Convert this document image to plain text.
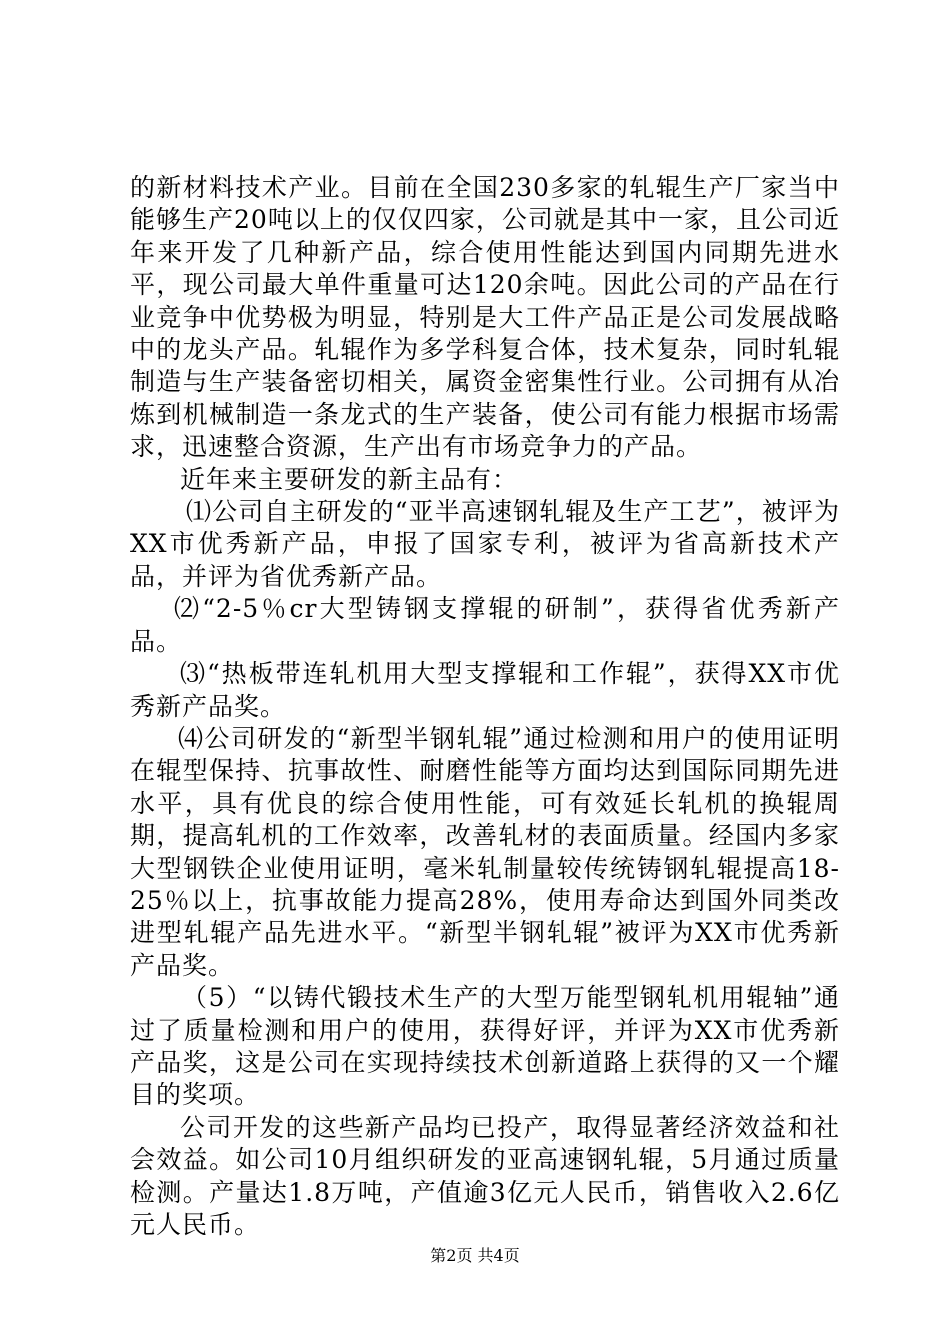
的新材料技术产业。目前在全国230多家的轧辊生产厂家当中能够生产20吨以上的仅仅四家，公司就是其中一家，且公司近年来开发了几种新产品，综合使用性能达到国内同期先进水平，现公司最大单件重量可达120余吨。因此公司的产品在行业竞争中优势极为明显，特别是大工件产品正是公司发展战略中的龙头产品。轧辊作为多学科复合体，技术复杂，同时轧辊制造与生产装备密切相关，属资金密集性行业。公司拥有从冶炼到机械制造一条龙式的生产装备，使公司有能力根据市场需求，迅速整合资源，生产出有市场竞争力的产品。

近年来主要研发的新主品有：

⑴公司自主研发的“亚半高速钢轧辊及生产工艺”，被评为XX市优秀新产品，申报了国家专利，被评为省高新技术产品，并评为省优秀新产品。

⑵“2-5％cr大型铸钢支撑辊的研制”，获得省优秀新产品。

⑶“热板带连轧机用大型支撑辊和工作辊”，获得XX市优秀新产品奖。

⑷公司研发的“新型半钢轧辊”通过检测和用户的使用证明在辊型保持、抗事故性、耐磨性能等方面均达到国际同期先进水平，具有优良的综合使用性能，可有效延长轧机的换辊周期，提高轧机的工作效率，改善轧材的表面质量。经国内多家大型钢铁企业使用证明，毫米轧制量较传统铸钢轧辊提高18-25％以上，抗事故能力提高28%，使用寿命达到国外同类改进型轧辊产品先进水平。“新型半钢轧辊”被评为XX市优秀新产品奖。

（5）“以铸代锻技术生产的大型万能型钢轧机用辊轴”通过了质量检测和用户的使用，获得好评，并评为XX市优秀新产品奖，这是公司在实现持续技术创新道路上获得的又一个耀目的奖项。

公司开发的这些新产品均已投产，取得显著经济效益和社会效益。如公司10月组织研发的亚高速钢轧辊，5月通过质量检测。产量达1.8万吨，产值逾3亿元人民币，销售收入2.6亿元人民币。

第2页 共4页
